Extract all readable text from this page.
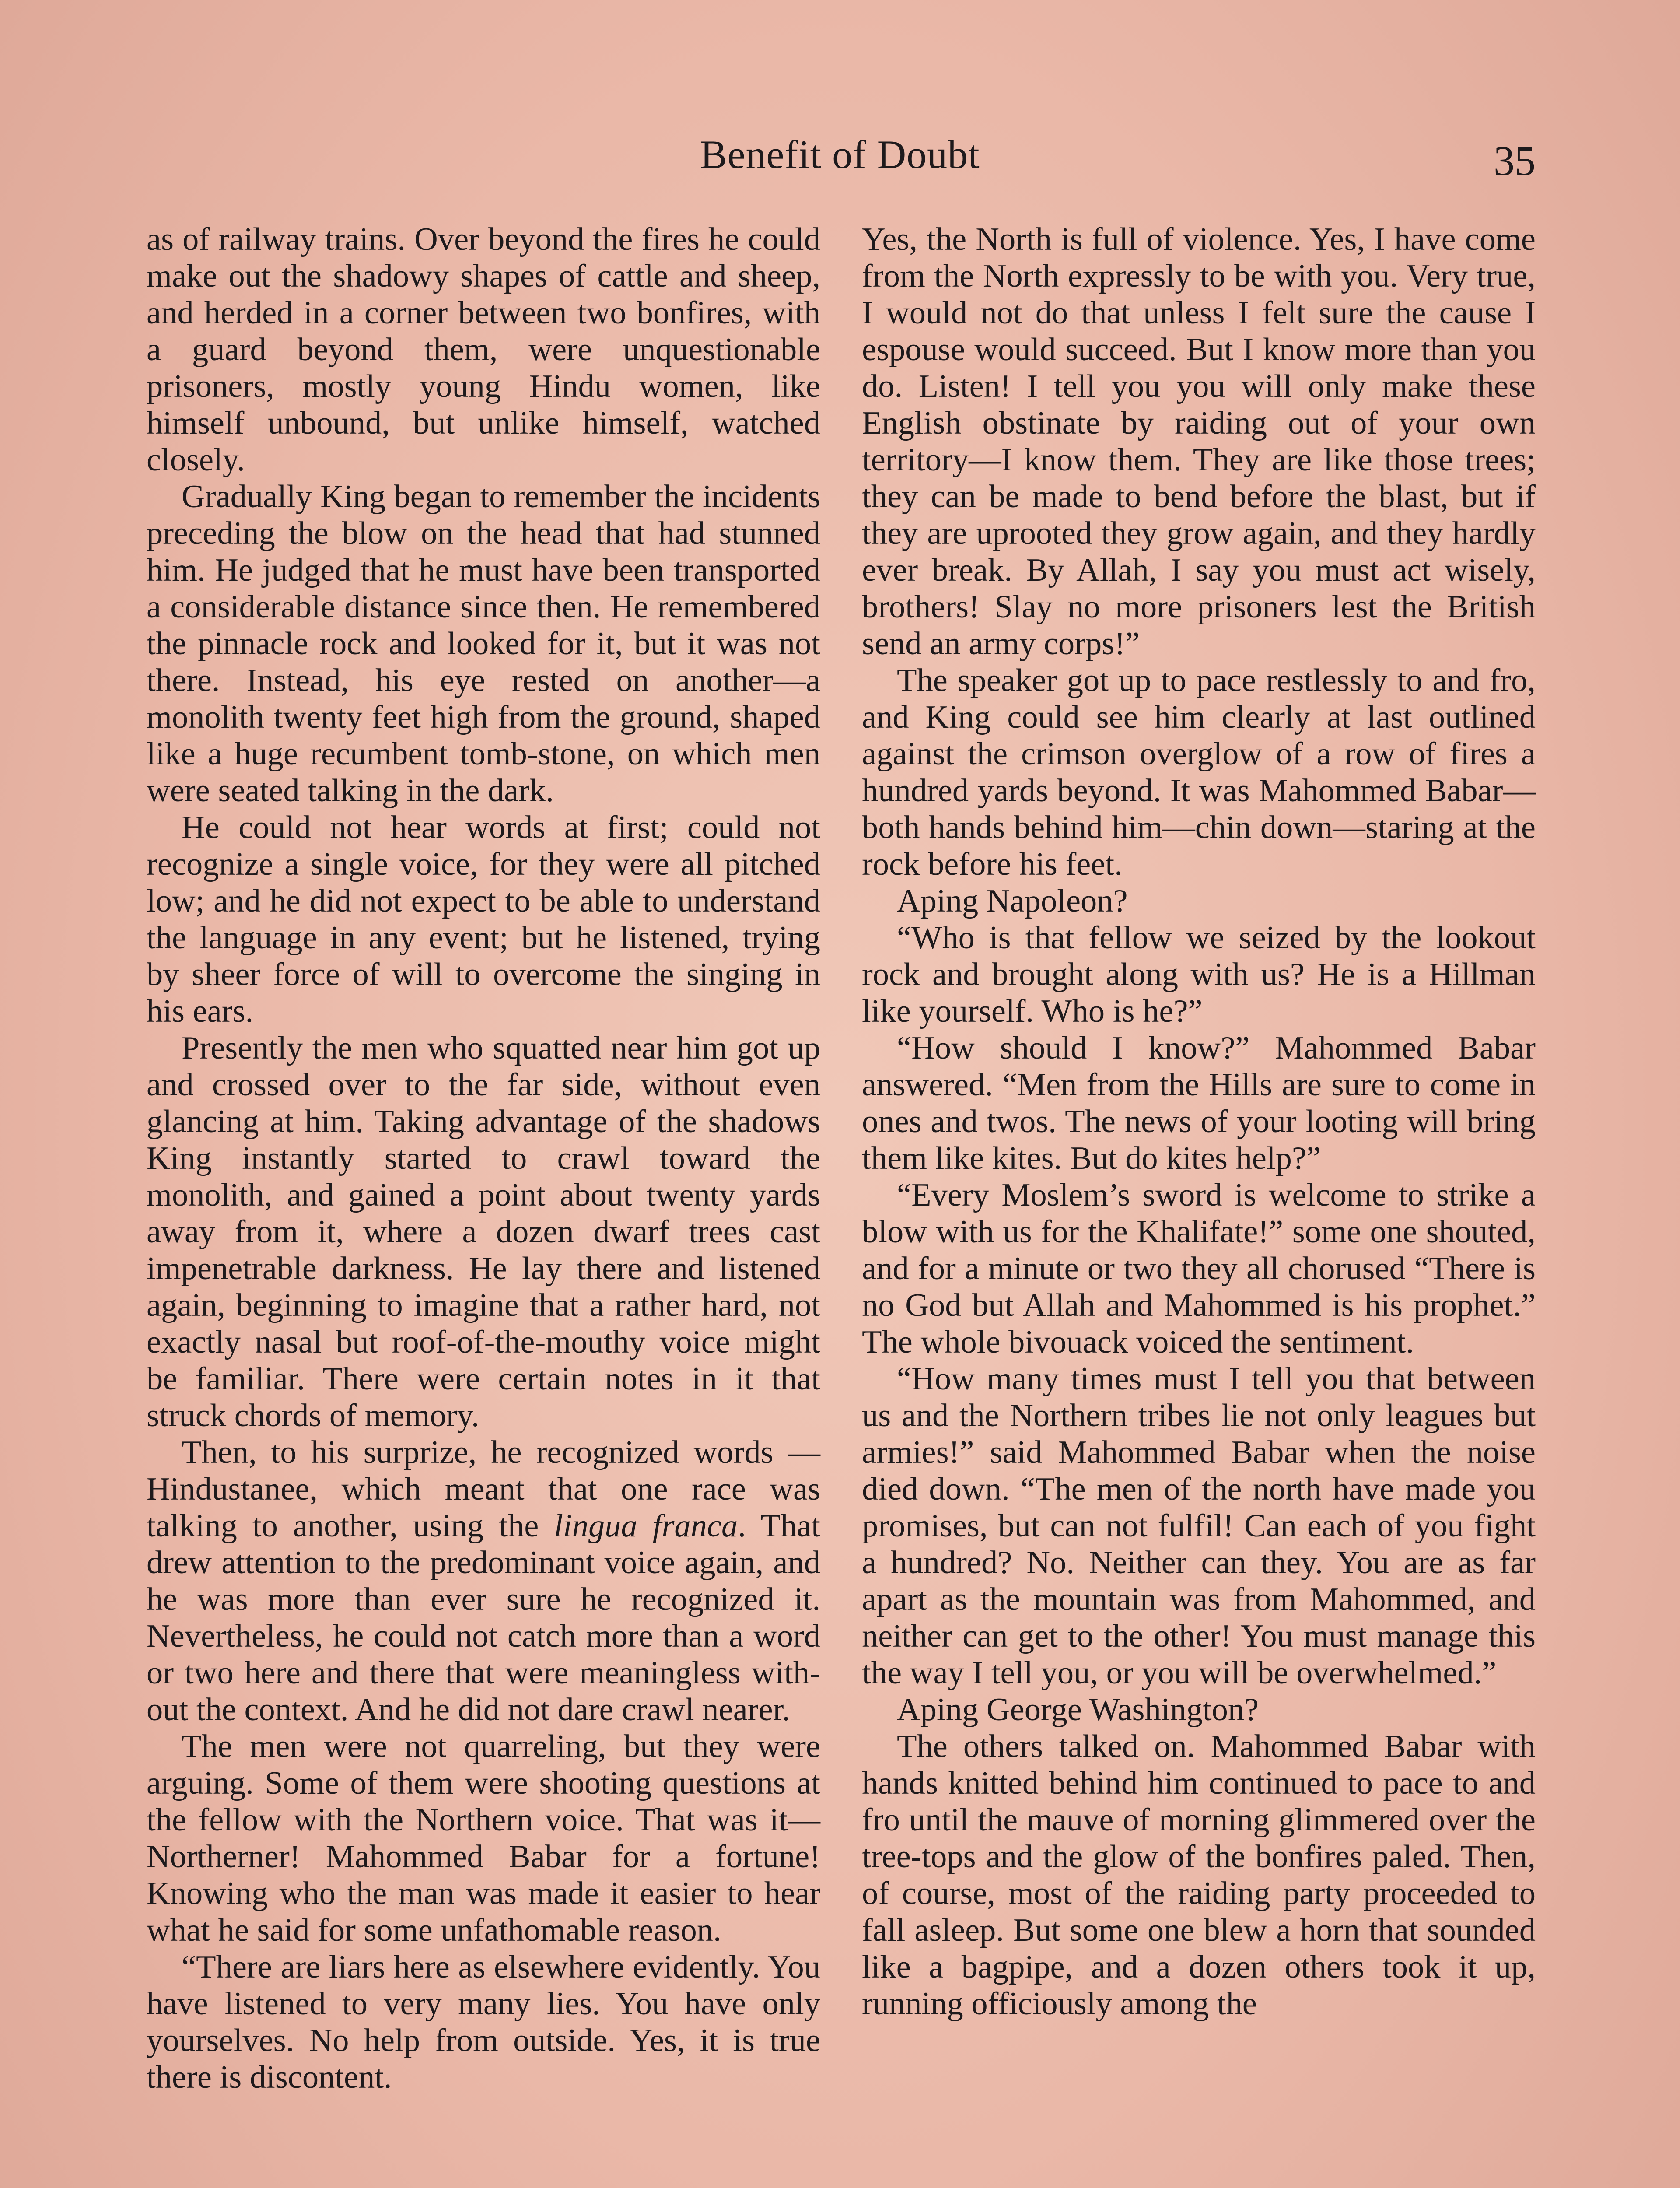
Benefit of Doubt	35

as of railway trains. Over beyond the fires he could make out the shadowy shapes of cattle and sheep, and herded in a corner between two bonfires, with a guard beyond them, were unquestionable prisoners, mostly young Hindu women, like himself unbound, but unlike himself, watched closely.

Gradually King began to remember the incidents preceding the blow on the head that had stunned him. He judged that he must have been transported a considerable distance since then. He remembered the pinnacle rock and looked for it, but it was not there. Instead, his eye rested on another—a monolith twenty feet high from the ground, shaped like a huge recumbent tomb-stone, on which men were seated talking in the dark.

He could not hear words at first; could not recognize a single voice, for they were all pitched low; and he did not expect to be able to understand the language in any event; but he listened, trying by sheer force of will to overcome the singing in his ears.

Presently the men who squatted near him got up and crossed over to the far side, without even glancing at him. Taking advantage of the shadows King instantly started to crawl toward the monolith, and gained a point about twenty yards away from it, where a dozen dwarf trees cast impenetrable darkness. He lay there and listened again, beginning to imagine that a rather hard, not exactly nasal but roof-of-the-mouthy voice might be familiar. There were certain notes in it that struck chords of memory.

Then, to his surprize, he recognized words —Hindustanee, which meant that one race was talking to another, using the lingua franca. That drew attention to the predominant voice again, and he was more than ever sure he recognized it. Nevertheless, he could not catch more than a word or two here and there that were meaningless without the context. And he did not dare crawl nearer.

The men were not quarreling, but they were arguing. Some of them were shooting questions at the fellow with the Northern voice. That was it—Northerner! Mahommed Babar for a fortune! Knowing who the man was made it easier to hear what he said for some unfathomable reason.

“There are liars here as elsewhere evidently. You have listened to very many lies. You have only yourselves. No help from outside. Yes, it is true there is discontent.

Yes, the North is full of violence. Yes, I have come from the North expressly to be with you. Very true, I would not do that unless I felt sure the cause I espouse would succeed. But I know more than you do. Listen! I tell you you will only make these English obstinate by raiding out of your own territory—I know them. They are like those trees; they can be made to bend before the blast, but if they are uprooted they grow again, and they hardly ever break. By Allah, I say you must act wisely, brothers! Slay no more prisoners lest the British send an army corps!”

The speaker got up to pace restlessly to and fro, and King could see him clearly at last outlined against the crimson overglow of a row of fires a hundred yards beyond. It was Mahommed Babar—both hands behind him—chin down—staring at the rock before his feet.

Aping Napoleon?

“Who is that fellow we seized by the lookout rock and brought along with us? He is a Hillman like yourself. Who is he?”

“How should I know?” Mahommed Babar answered. “Men from the Hills are sure to come in ones and twos. The news of your looting will bring them like kites. But do kites help?”

“Every Moslem’s sword is welcome to strike a blow with us for the Khalifate!” some one shouted, and for a minute or two they all chorused “There is no God but Allah and Mahommed is his prophet.” The whole bivouack voiced the sentiment.

“How many times must I tell you that between us and the Northern tribes lie not only leagues but armies!” said Mahommed Babar when the noise died down. “The men of the north have made you promises, but can not fulfil! Can each of you fight a hundred? No. Neither can they. You are as far apart as the mountain was from Mahommed, and neither can get to the other! You must manage this the way I tell you, or you will be overwhelmed.”

Aping George Washington?

The others talked on. Mahommed Babar with hands knitted behind him continued to pace to and fro until the mauve of morning glimmered over the tree-tops and the glow of the bonfires paled. Then, of course, most of the raiding party proceeded to fall asleep. But some one blew a horn that sounded like a bagpipe, and a dozen others took it up, running officiously among the
